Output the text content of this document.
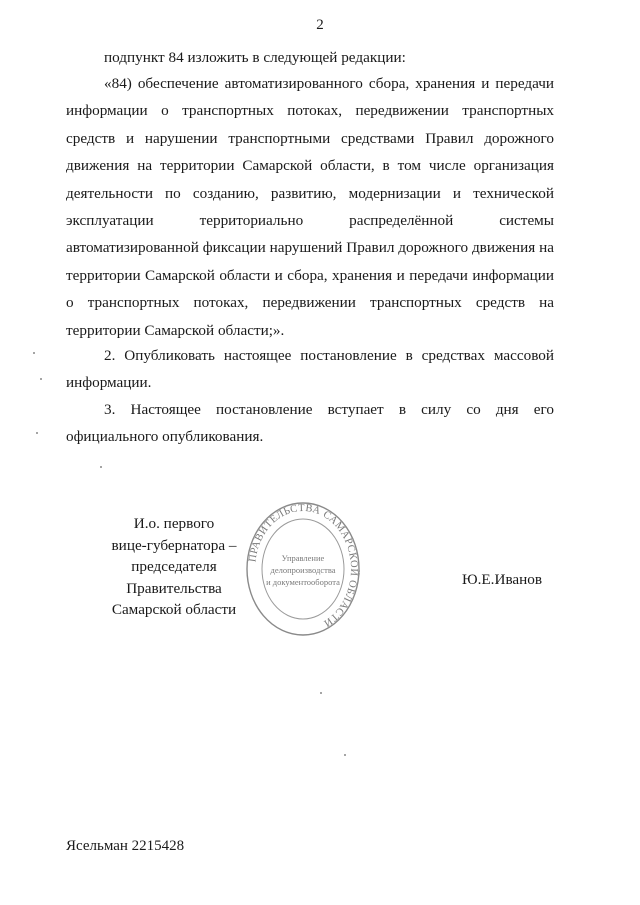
2
подпункт 84 изложить в следующей редакции:
«84) обеспечение автоматизированного сбора, хранения и передачи
информации о транспортных потоках, передвижении транспортных
средств и нарушении транспортными средствами Правил дорожного
движения на территории Самарской области, в том числе организация
деятельности по созданию, развитию, модернизации и технической
эксплуатации территориально распределённой системы
автоматизированной фиксации нарушений Правил дорожного движения на
территории Самарской области и сбора, хранения и передачи информации
о транспортных потоках, передвижении транспортных средств на
территории Самарской области;».
2. Опубликовать настоящее постановление в средствах массовой
информации.
3. Настоящее постановление вступает в силу со дня его
официального опубликования.
ПРАВИТЕЛЬСТВА САМАРСКОЙ ОБЛАСТИ
Управление
делопроизводства
и документооборота
И.о. первого
вице-губернатора –
председателя Правительства
Самарской области
Ю.Е.Иванов
Ясельман 2215428
